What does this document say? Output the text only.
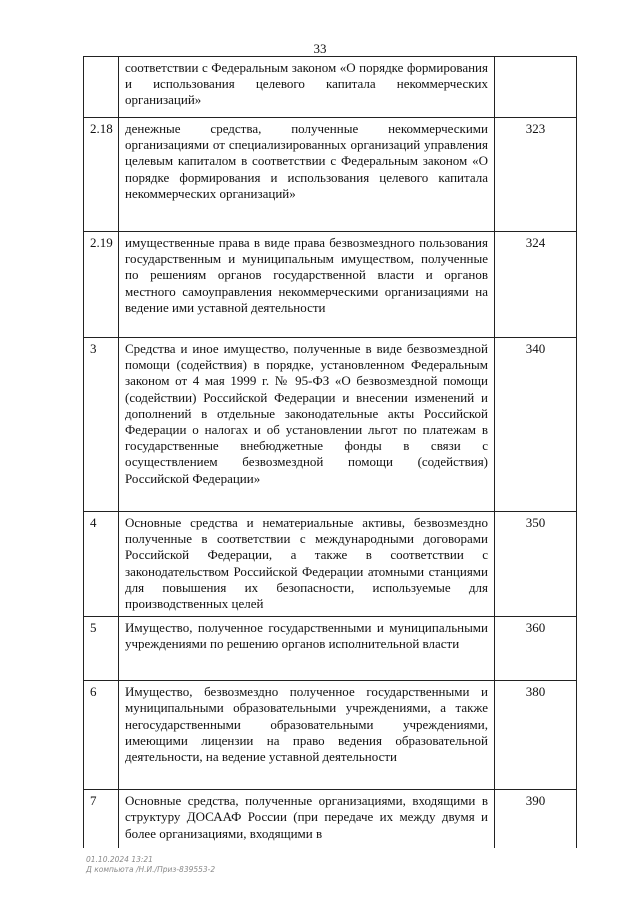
33
	соответствии с Федеральным законом «О порядке формирования и использования целевого капитала некоммерческих организаций»	
2.18	денежные средства, полученные некоммерческими организациями от специализированных организаций управления целевым капиталом в соответствии с Федеральным законом «О порядке формирования и использования целевого капитала некоммерческих организаций»	323
2.19	имущественные права в виде права безвозмездного пользования государственным и муниципальным имуществом, полученные по решениям органов государственной власти и органов местного самоуправления некоммерческими организациями на ведение ими уставной деятельности	324
3	Средства и иное имущество, полученные в виде безвозмездной помощи (содействия) в порядке, установленном Федеральным законом от 4 мая 1999 г. № 95-ФЗ «О безвозмездной помощи (содействии) Российской Федерации и внесении изменений и дополнений в отдельные законодательные акты Российской Федерации о налогах и об установлении льгот по платежам в государственные внебюджетные фонды в связи с осуществлением безвозмездной помощи (содействия) Российской Федерации»	340
4	Основные средства и нематериальные активы, безвозмездно полученные в соответствии с международными договорами Российской Федерации, а также в соответствии с законодательством Российской Федерации атомными станциями для повышения их безопасности, используемые для производственных целей	350
5	Имущество, полученное государственными и муниципальными учреждениями по решению органов исполнительной власти	360
6	Имущество, безвозмездно полученное государственными и муниципальными образовательными учреждениями, а также негосударственными образовательными учреждениями, имеющими лицензии на право ведения образовательной деятельности, на ведение уставной деятельности	380
7	Основные средства, полученные организациями, входящими в структуру ДОСААФ России (при передаче их между двумя и более организациями, входящими в	390
01.10.2024 13:21
Д компьюта /Н.И./Приз-839553-2
